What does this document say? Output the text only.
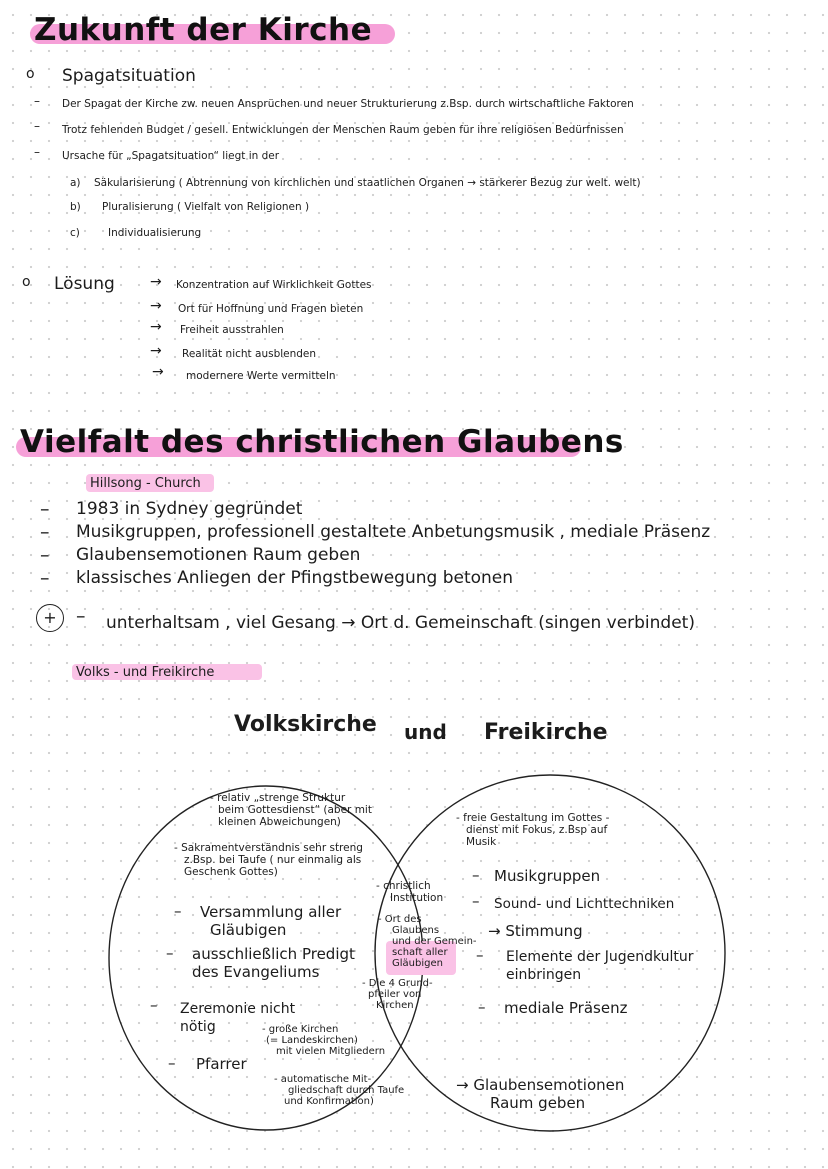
Zukunft der Kirche
o Spagatsituation
– Der Spagat der Kirche zw. neuen Ansprüchen und neuer Strukturierung z.Bsp. durch wirtschaftliche Faktoren
– Trotz fehlenden Budget / gesell. Entwicklungen der Menschen Raum geben für ihre religiösen Bedürfnissen
– Ursache für „Spagatsituation“ liegt in der
a) Säkularisierung ( Abtrennung von kirchlichen und staatlichen Organen → stärkerer Bezug zur welt. welt)
b) Pluralisierung ( Vielfalt von Religionen )
c)	Individualisierung
o Lösung	→ Konzentration auf Wirklichkeit Gottes
→ Ort für Hoffnung und Fragen bieten
→ Freiheit ausstrahlen
→ Realität nicht ausblenden
→ modernere Werte vermitteln
Vielfalt des christlichen Glaubens
Hillsong - Church
– 1983 in Sydney gegründet
– Musikgruppen, professionell gestaltete Anbetungsmusik , mediale Präsenz
– Glaubensemotionen Raum geben
– klassisches Anliegen der Pfingstbewegung betonen
+	– unterhaltsam , viel Gesang → Ort d. Gemeinschaft (singen verbindet)
Volks - und Freikirche
Volkskirche und Freikirche
- relativ „strenge Struktur
beim Gottesdienst“ (aber mit
kleinen Abweichungen)
- Sakramentverständnis sehr streng
z.Bsp. bei Taufe ( nur einmalig als
Geschenk Gottes)
– Versammlung aller
Gläubigen
– ausschließlich Predigt
des Evangeliums
– Zeremonie nicht
nötig	- große Kirchen
(= Landeskirchen)
mit vielen Mitgliedern
– Pfarrer
- automatische Mit-
gliedschaft durch Taufe
und Konfirmation)
- christlich
Institution
- Ort des
Glaubens
und der Gemein-
schaft aller
Gläubigen
- Die 4 Grund-
pfeiler von
Kirchen
- freie Gestaltung im Gottes -
dienst mit Fokus, z.Bsp auf
Musik
– Musikgruppen
– Sound- und Lichttechniken
→ Stimmung
– Elemente der Jugendkultur
einbringen
– mediale Präsenz
→ Glaubensemotionen
Raum geben
